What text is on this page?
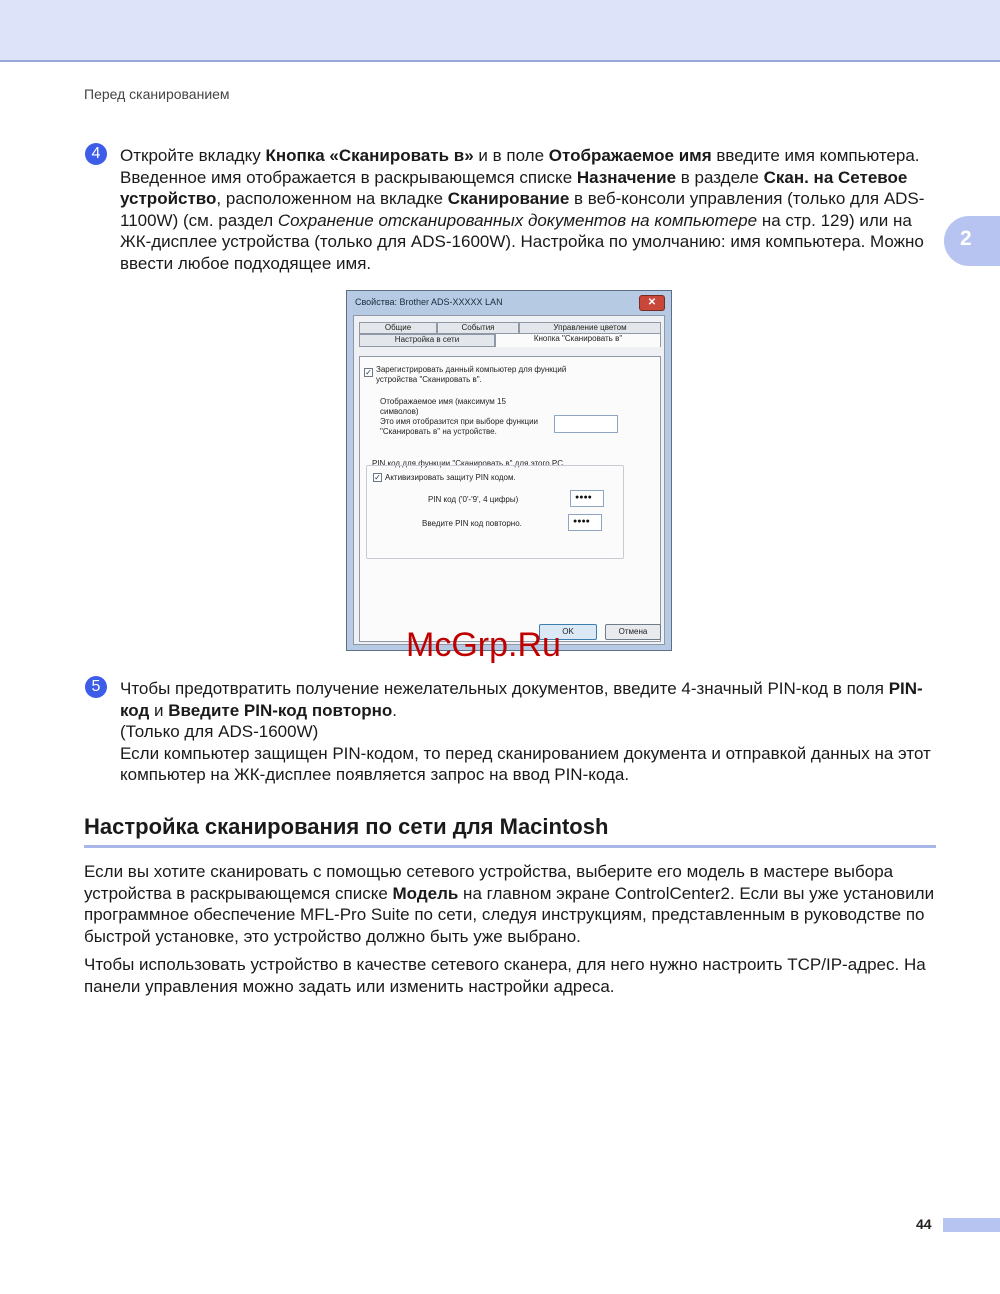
Перед сканированием
2
4	Откройте вкладку Кнопка «Сканировать в» и в поле Отображаемое имя введите имя компьютера. Введенное имя отображается в раскрывающемся списке Назначение в разделе Скан. на Сетевое устройство, расположенном на вкладке Сканирование в веб-консоли управления (только для ADS-1100W) (см. раздел Сохранение отсканированных документов на компьютере на стр. 129) или на ЖК-дисплее устройства (только для ADS-1600W). Настройка по умолчанию: имя компьютера. Можно ввести любое подходящее имя.
Свойства: Brother ADS-XXXXX LAN	✕
Общие	События	Управление цветом
Настройка в сети	Кнопка "Сканировать в"
✓ Зарегистрировать данный компьютер для функций устройства "Сканировать в".
Отображаемое имя (максимум 15 символов)
Это имя отобразится при выборе функции "Сканировать в" на устройстве.
PIN код для функции "Сканировать в" для этого PC.
✓ Активизировать защиту PIN кодом.
PIN код ('0'-'9', 4 цифры)	●●●●
Введите PIN код повторно.	●●●●
OK	Отмена
McGrp.Ru
5	Чтобы предотвратить получение нежелательных документов, введите 4-значный PIN-код в поля PIN-код и Введите PIN-код повторно.

(Только для ADS-1600W)

Если компьютер защищен PIN-кодом, то перед сканированием документа и отправкой данных на этот компьютер на ЖК-дисплее появляется запрос на ввод PIN-кода.

Настройка сканирования по сети для Macintosh
Если вы хотите сканировать с помощью сетевого устройства, выберите его модель в мастере выбора устройства в раскрывающемся списке Модель на главном экране ControlCenter2. Если вы уже установили программное обеспечение MFL-Pro Suite по сети, следуя инструкциям, представленным в руководстве по быстрой установке, это устройство должно быть уже выбрано.
Чтобы использовать устройство в качестве сетевого сканера, для него нужно настроить TCP/IP-адрес. На панели управления можно задать или изменить настройки адреса.
44
